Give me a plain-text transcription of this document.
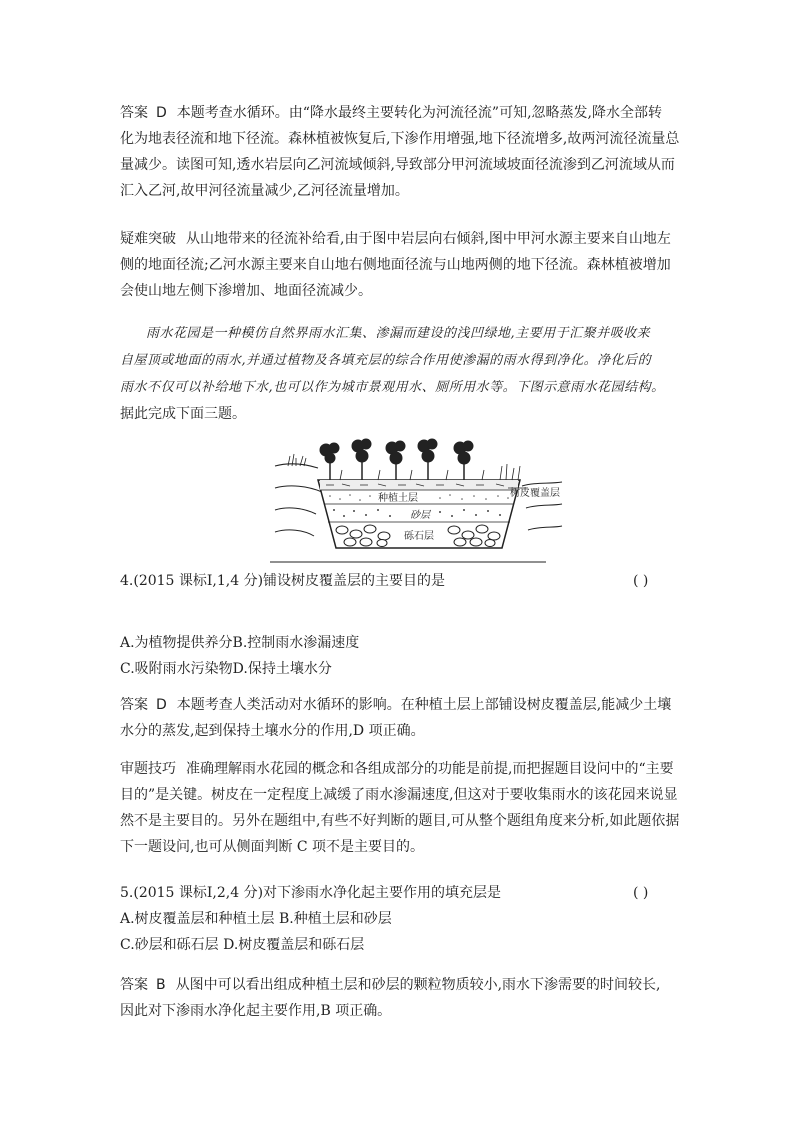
答案 D 本题考查水循环。由“降水最终主要转化为河流径流”可知,忽略蒸发,降水全部转
化为地表径流和地下径流。森林植被恢复后,下渗作用增强,地下径流增多,故两河流径流量总
量减少。读图可知,透水岩层向乙河流域倾斜,导致部分甲河流域坡面径流渗到乙河流域从而
汇入乙河,故甲河径流量减少,乙河径流量增加。
疑难突破 从山地带来的径流补给看,由于图中岩层向右倾斜,图中甲河水源主要来自山地左
侧的地面径流;乙河水源主要来自山地右侧地面径流与山地两侧的地下径流。森林植被增加
会使山地左侧下渗增加、地面径流减少。
雨水花园是一种模仿自然界雨水汇集、渗漏而建设的浅凹绿地,主要用于汇聚并吸收来
自屋顶或地面的雨水,并通过植物及各填充层的综合作用使渗漏的雨水得到净化。净化后的
雨水不仅可以补给地下水,也可以作为城市景观用水、厕所用水等。下图示意雨水花园结构。
据此完成下面三题。
种植土层
砂层
砾石层
树皮覆盖层
4.(2015 课标Ⅰ,1,4 分)铺设树皮覆盖层的主要目的是	( )
A.为植物提供养分B.控制雨水渗漏速度
C.吸附雨水污染物D.保持土壤水分
答案 D 本题考查人类活动对水循环的影响。在种植土层上部铺设树皮覆盖层,能减少土壤
水分的蒸发,起到保持土壤水分的作用,D 项正确。
审题技巧 准确理解雨水花园的概念和各组成部分的功能是前提,而把握题目设问中的“主要
目的”是关键。树皮在一定程度上减缓了雨水渗漏速度,但这对于要收集雨水的该花园来说显
然不是主要目的。另外在题组中,有些不好判断的题目,可从整个题组角度来分析,如此题依据
下一题设问,也可从侧面判断 C 项不是主要目的。
5.(2015 课标Ⅰ,2,4 分)对下渗雨水净化起主要作用的填充层是
A.树皮覆盖层和种植土层 B.种植土层和砂层
C.砂层和砾石层 D.树皮覆盖层和砾石层
( )
答案 B 从图中可以看出组成种植土层和砂层的颗粒物质较小,雨水下渗需要的时间较长,
因此对下渗雨水净化起主要作用,B 项正确。
